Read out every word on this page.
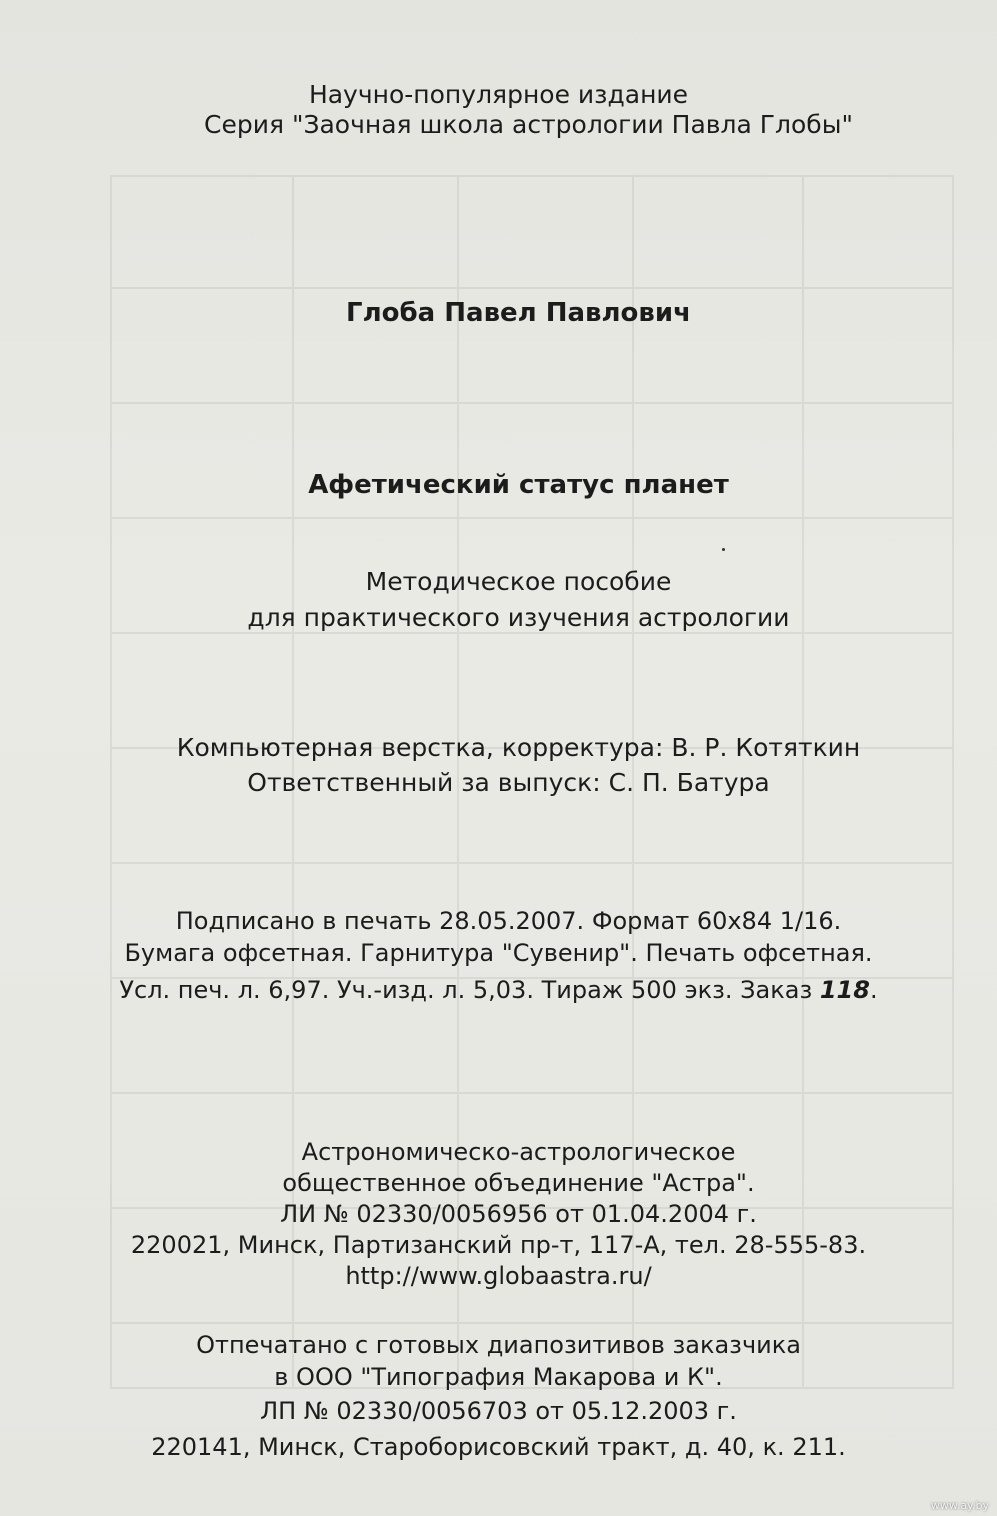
Научно-популярное издание
Серия "Заочная школа астрологии Павла Глобы"
Глоба Павел Павлович
Афетический статус планет
Методическое пособие
для практического изучения астрологии
Компьютерная верстка, корректура: В. Р. Котяткин
Ответственный за выпуск: С. П. Батура
Подписано в печать 28.05.2007. Формат 60х84 1/16.
Бумага офсетная. Гарнитура "Сувенир". Печать офсетная.
Усл. печ. л. 6,97. Уч.-изд. л. 5,03. Тираж 500 экз. Заказ 118.
Астрономическо-астрологическое
общественное объединение "Астра".
ЛИ № 02330/0056956 от 01.04.2004 г.
220021, Минск, Партизанский пр-т, 117-А, тел. 28-555-83.
http://www.globaastra.ru/
Отпечатано с готовых диапозитивов заказчика
в ООО "Типография Макарова и К".
ЛП № 02330/0056703 от 05.12.2003 г.
220141, Минск, Староборисовский тракт, д. 40, к. 211.
www.ay.by
